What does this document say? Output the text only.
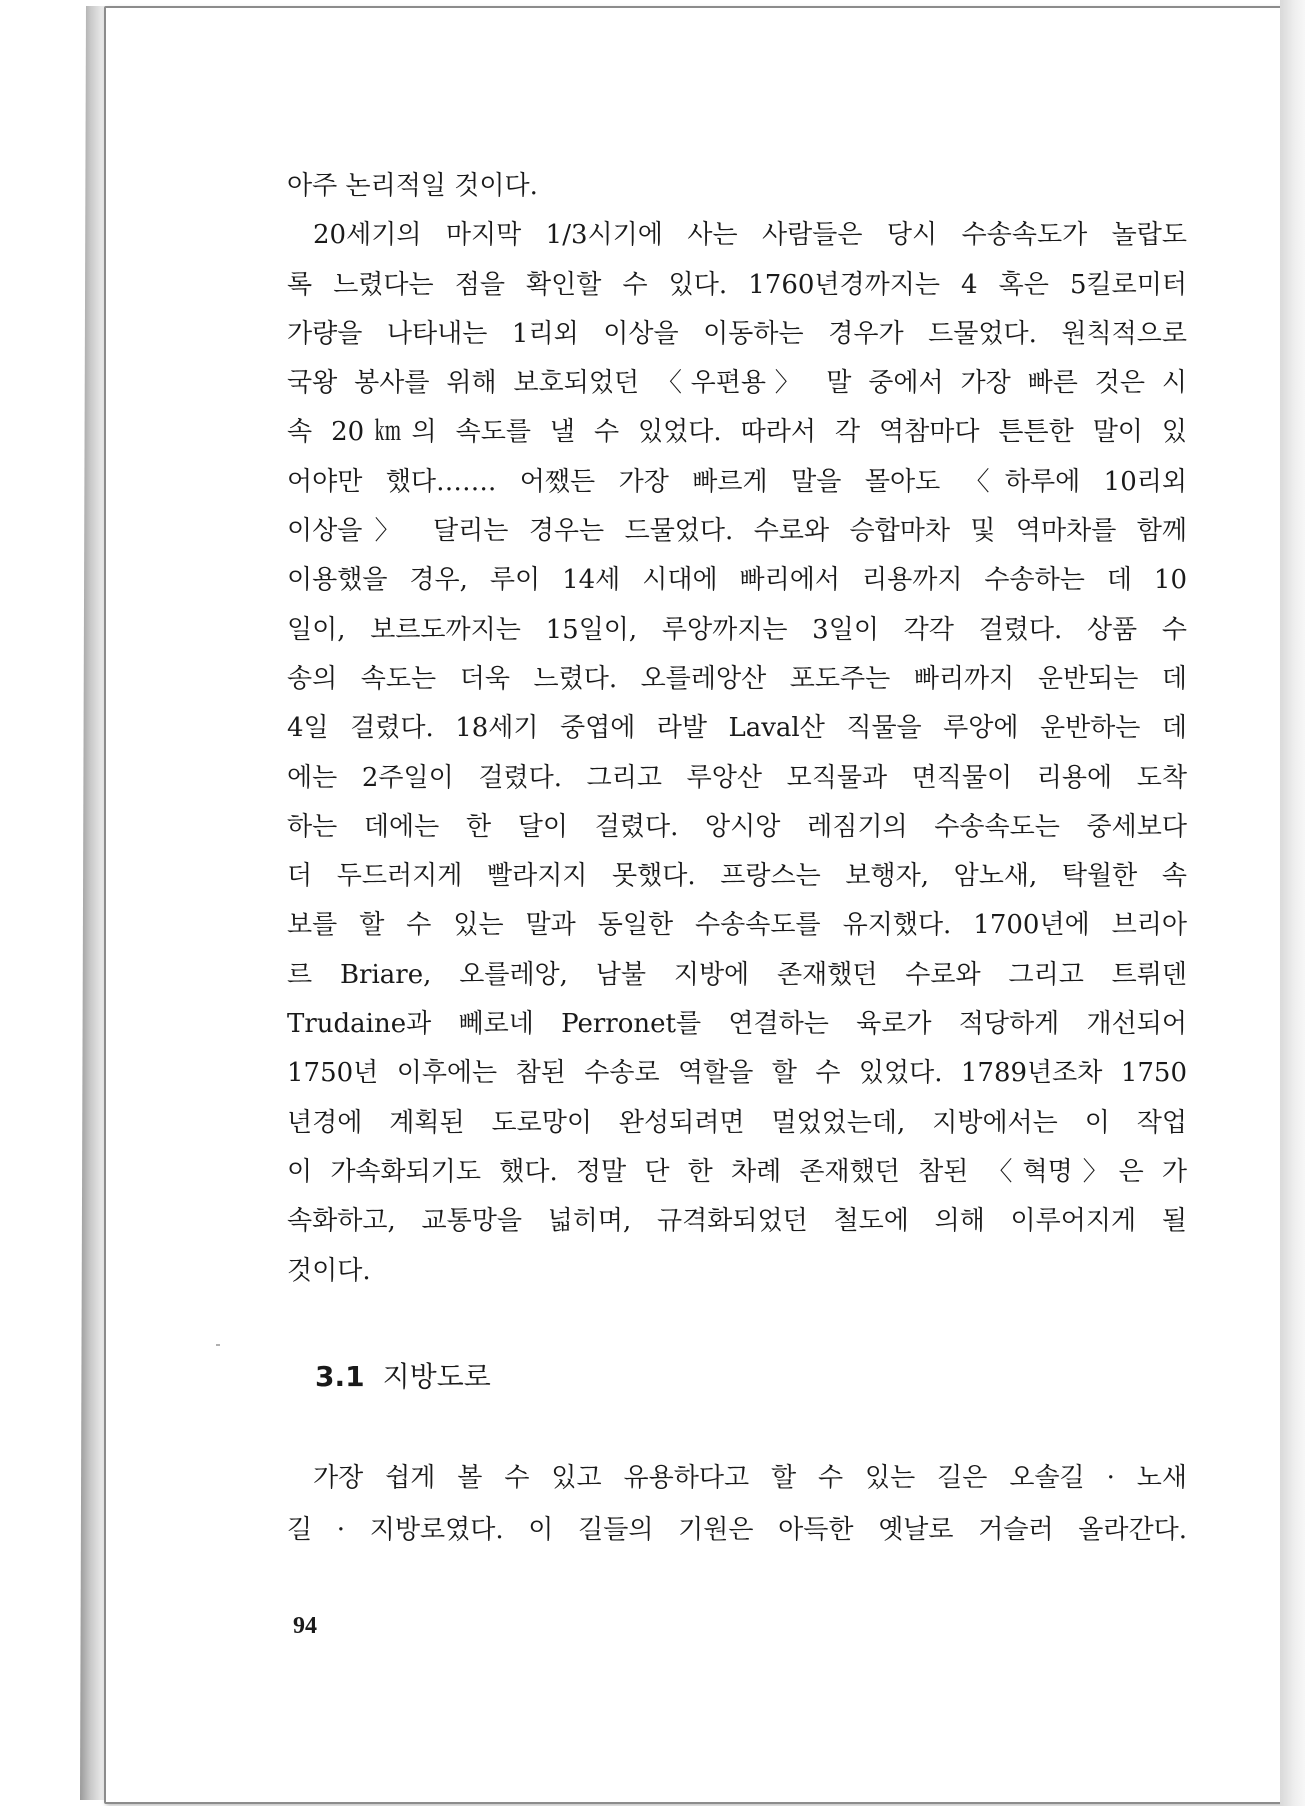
아주 논리적일 것이다.
20세기의 마지막 1/3시기에 사는 사람들은 당시 수송속도가 놀랍도
록 느렸다는 점을 확인할 수 있다. 1760년경까지는 4 혹은 5킬로미터
가량을 나타내는 1리외 이상을 이동하는 경우가 드물었다. 원칙적으로
국왕 봉사를 위해 보호되었던 〈우편용〉 말 중에서 가장 빠른 것은 시
속 20㎞의 속도를 낼 수 있었다. 따라서 각 역참마다 튼튼한 말이 있
어야만 했다……. 어쨌든 가장 빠르게 말을 몰아도 〈하루에 10리외
이상을〉 달리는 경우는 드물었다. 수로와 승합마차 및 역마차를 함께
이용했을 경우, 루이 14세 시대에 빠리에서 리용까지 수송하는 데 10
일이, 보르도까지는 15일이, 루앙까지는 3일이 각각 걸렸다. 상품 수
송의 속도는 더욱 느렸다. 오를레앙산 포도주는 빠리까지 운반되는 데
4일 걸렸다. 18세기 중엽에 라발 Laval산 직물을 루앙에 운반하는 데
에는 2주일이 걸렸다. 그리고 루앙산 모직물과 면직물이 리용에 도착
하는 데에는 한 달이 걸렸다. 앙시앙 레짐기의 수송속도는 중세보다
더 두드러지게 빨라지지 못했다. 프랑스는 보행자, 암노새, 탁월한 속
보를 할 수 있는 말과 동일한 수송속도를 유지했다. 1700년에 브리아
르 Briare, 오를레앙, 남불 지방에 존재했던 수로와 그리고 트뤼덴
Trudaine과 뻬로네 Perronet를 연결하는 육로가 적당하게 개선되어
1750년 이후에는 참된 수송로 역할을 할 수 있었다. 1789년조차 1750
년경에 계획된 도로망이 완성되려면 멀었었는데, 지방에서는 이 작업
이 가속화되기도 했다. 정말 단 한 차례 존재했던 참된 〈혁명〉은 가
속화하고, 교통망을 넓히며, 규격화되었던 철도에 의해 이루어지게 될
것이다.
3.1 지방도로
가장 쉽게 볼 수 있고 유용하다고 할 수 있는 길은 오솔길 · 노새
길 · 지방로였다. 이 길들의 기원은 아득한 옛날로 거슬러 올라간다.
94
